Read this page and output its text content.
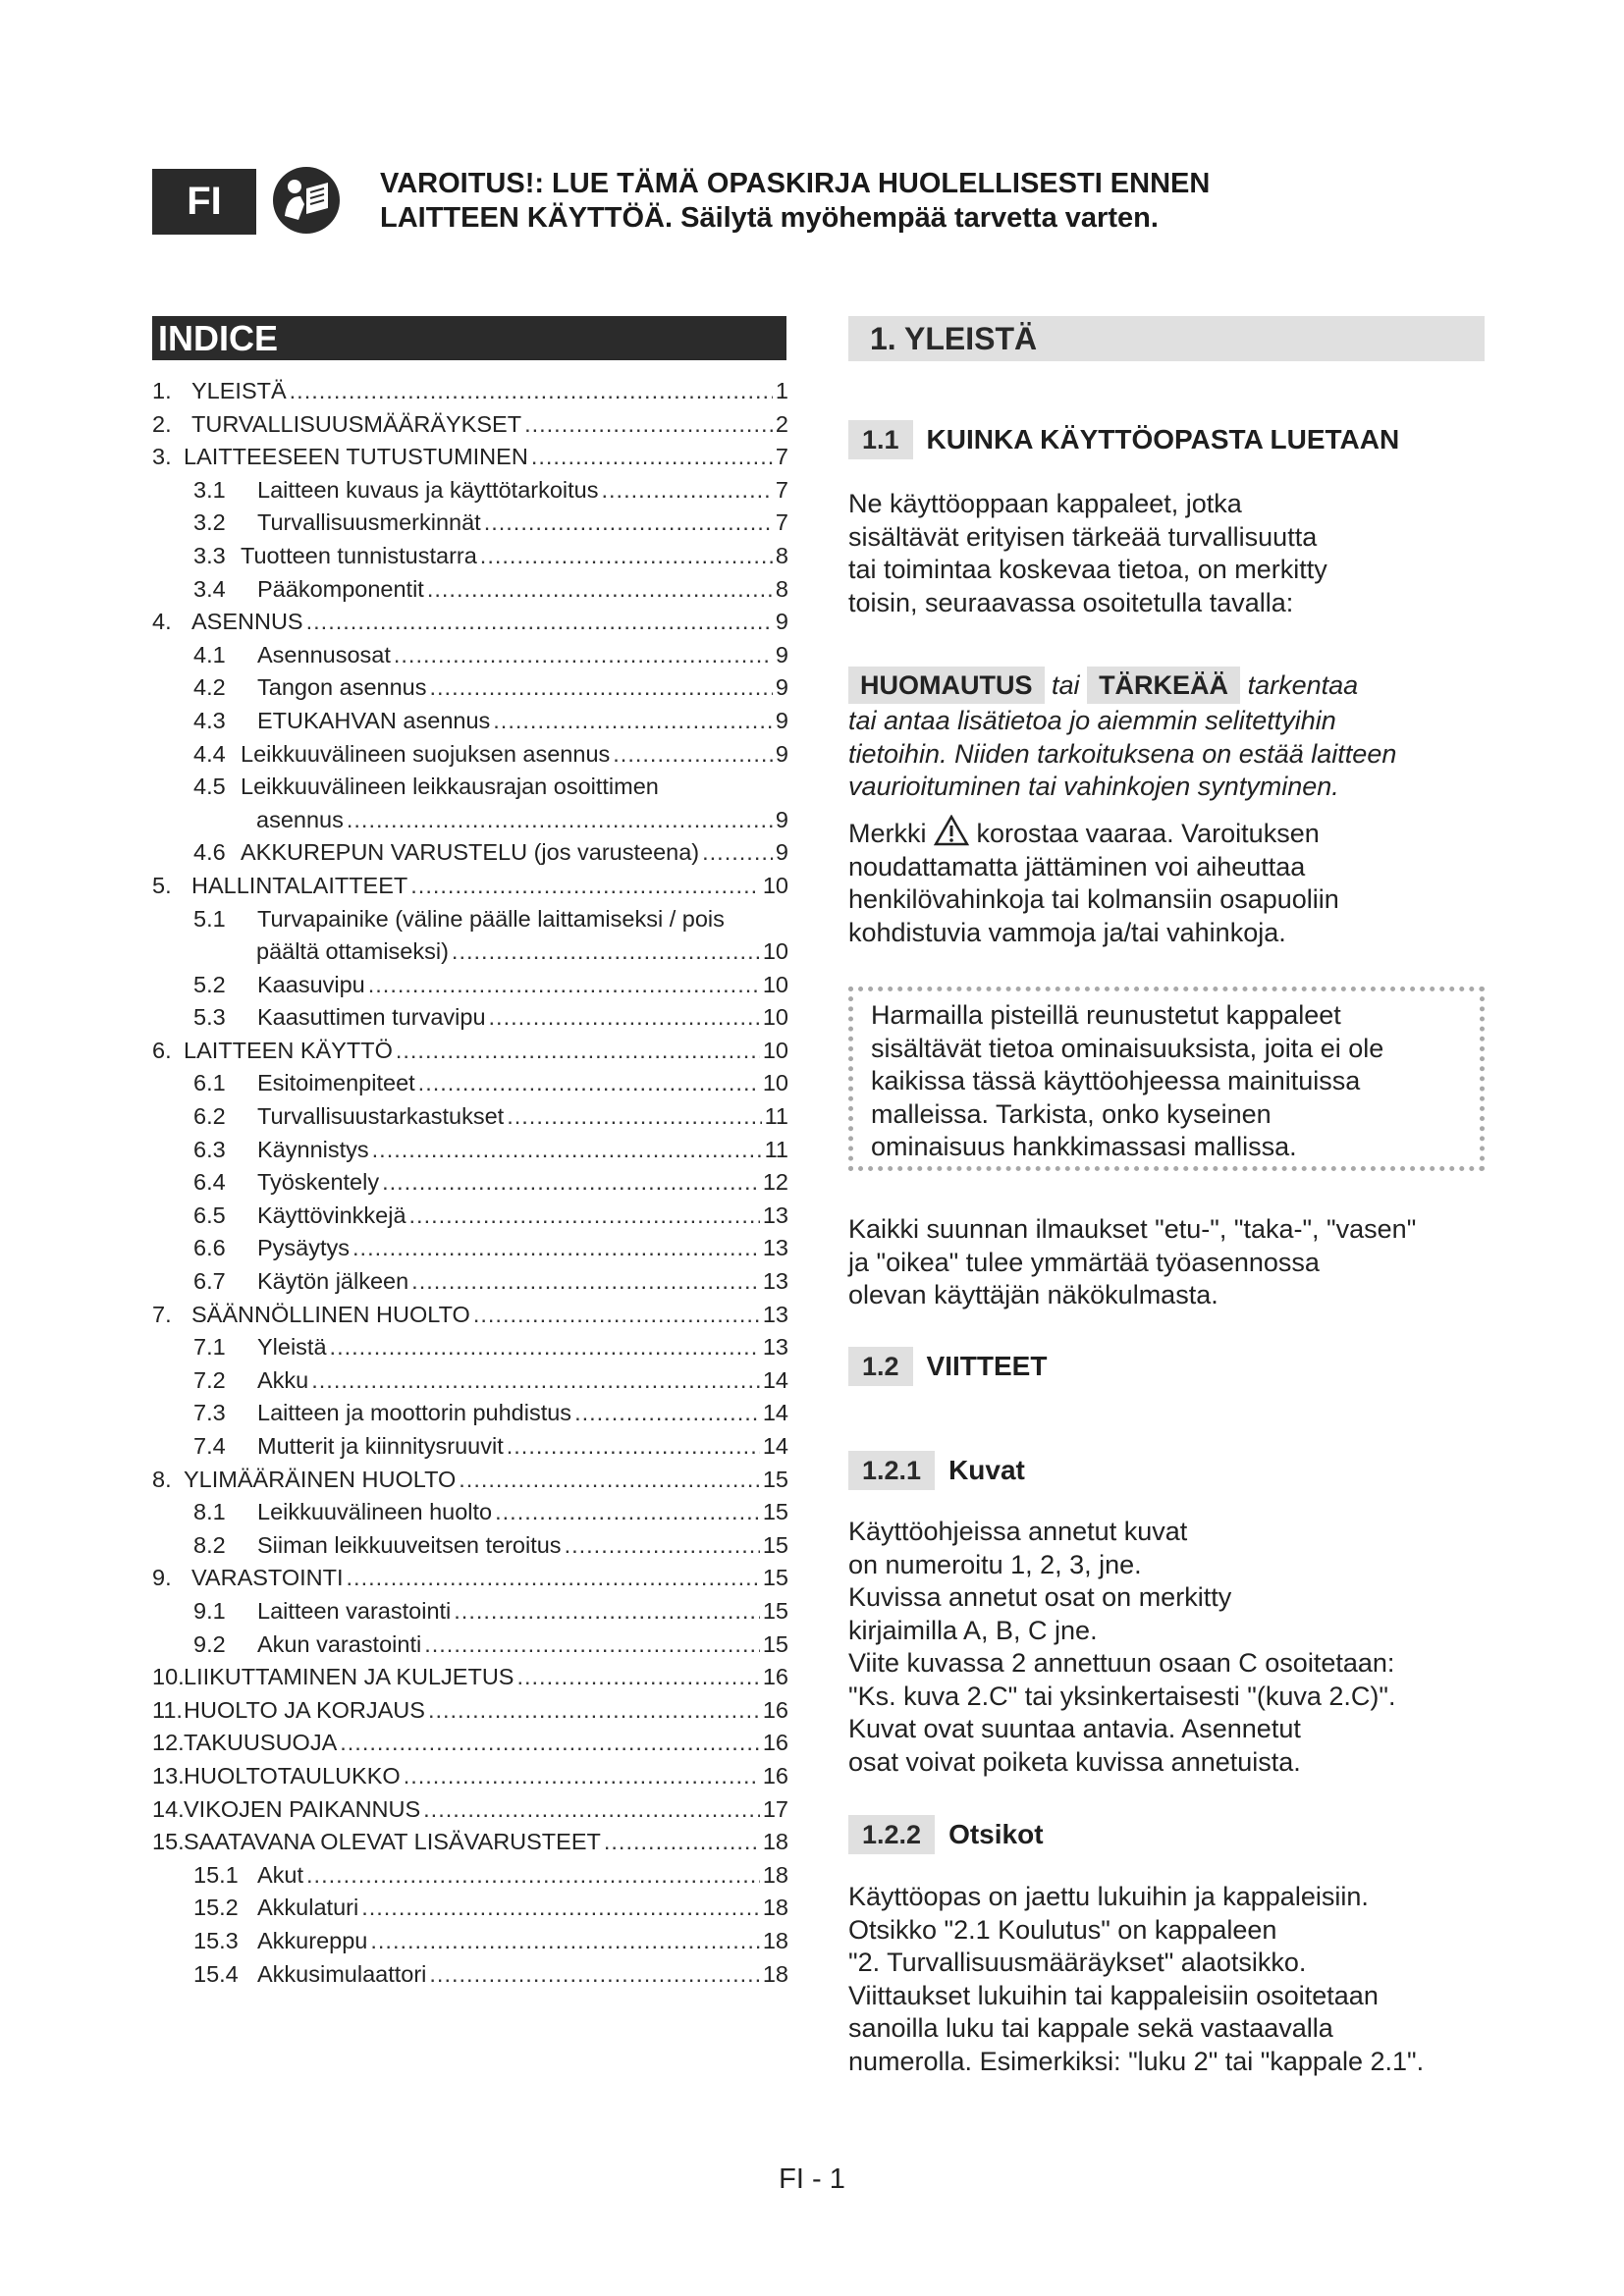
FI	VAROITUS!: LUE TÄMÄ OPASKIRJA HUOLELLISESTI ENNEN
LAITTEEN KÄYTTÖÄ. Säilytä myöhempää tarvetta varten.
INDICE
1. YLEISTÄ .....	1
2. TURVALLISUUSMÄÄRÄYKSET .....	2
3. LAITTEESEEN TUTUSTUMINEN .....	7
3.1	Laitteen kuvaus ja käyttötarkoitus .....	7
3.2	Turvallisuusmerkinnät .....	7
3.3 Tuotteen tunnistustarra .....	8
3.4	Pääkomponentit .....	8
4. ASENNUS .....	9
4.1	Asennusosat .....	9
4.2	Tangon asennus .....	9
4.3	ETUKAHVAN asennus .....	9
4.4 Leikkuuvälineen suojuksen asennus .....	9
4.5 Leikkuuvälineen leikkausrajan osoittimen
asennus .....	9
4.6 AKKUREPUN VARUSTELU (jos varusteena) .....	9
5. HALLINTALAITTEET .....	10
5.1	Turvapainike (väline päälle laittamiseksi / pois
päältä ottamiseksi) .....	10
5.2	Kaasuvipu .....	10
5.3	Kaasuttimen turvavipu .....	10
6. LAITTEEN KÄYTTÖ .....	10
6.1	Esitoimenpiteet .....	10
6.2	Turvallisuustarkastukset .....	11
6.3	Käynnistys .....	11
6.4	Työskentely .....	12
6.5	Käyttövinkkejä .....	13
6.6	Pysäytys .....	13
6.7	Käytön jälkeen .....	13
7. SÄÄNNÖLLINEN HUOLTO .....	13
7.1	Yleistä .....	13
7.2	Akku .....	14
7.3	Laitteen ja moottorin puhdistus .....	14
7.4	Mutterit ja kiinnitysruuvit .....	14
8. YLIMÄÄRÄINEN HUOLTO .....	15
8.1	Leikkuuvälineen huolto .....	15
8.2	Siiman leikkuuveitsen teroitus .....	15
9. VARASTOINTI .....	15
9.1	Laitteen varastointi .....	15
9.2	Akun varastointi .....	15
10. LIIKUTTAMINEN JA KULJETUS .....	16
11. HUOLTO JA KORJAUS .....	16
12. TAKUUSUOJA .....	16
13. HUOLTOTAULUKKO .....	16
14. VIKOJEN PAIKANNUS .....	17
15. SAATAVANA OLEVAT LISÄVARUSTEET .....	18
15.1 Akut .....	18
15.2 Akkulaturi .....	18
15.3 Akkureppu .....	18
15.4 Akkusimulaattori .....	18
1. YLEISTÄ
1.1	KUINKA KÄYTTÖOPASTA LUETAAN
Ne käyttöoppaan kappaleet, jotka
sisältävät erityisen tärkeää turvallisuutta
tai toimintaa koskevaa tietoa, on merkitty
toisin, seuraavassa osoitetulla tavalla:
HUOMAUTUS tai TÄRKEÄÄ tarkentaa
tai antaa lisätietoa jo aiemmin selitettyihin
tietoihin. Niiden tarkoituksena on estää laitteen
vaurioituminen tai vahinkojen syntyminen.
Merkki korostaa vaaraa. Varoituksen
noudattamatta jättäminen voi aiheuttaa
henkilövahinkoja tai kolmansiin osapuoliin
kohdistuvia vammoja ja/tai vahinkoja.
Harmailla pisteillä reunustetut kappaleet
sisältävät tietoa ominaisuuksista, joita ei ole
kaikissa tässä käyttöohjeessa mainituissa
malleissa. Tarkista, onko kyseinen
ominaisuus hankkimassasi mallissa.
Kaikki suunnan ilmaukset "etu-", "taka-", "vasen"
ja "oikea" tulee ymmärtää työasennossa
olevan käyttäjän näkökulmasta.
1.2	VIITTEET
1.2.1	Kuvat
Käyttöohjeissa annetut kuvat
on numeroitu 1, 2, 3, jne.
Kuvissa annetut osat on merkitty
kirjaimilla A, B, C jne.
Viite kuvassa 2 annettuun osaan C osoitetaan:
"Ks. kuva 2.C" tai yksinkertaisesti "(kuva 2.C)".
Kuvat ovat suuntaa antavia. Asennetut
osat voivat poiketa kuvissa annetuista.
1.2.2	Otsikot
Käyttöopas on jaettu lukuihin ja kappaleisiin.
Otsikko "2.1 Koulutus" on kappaleen
"2. Turvallisuusmääräykset" alaotsikko.
Viittaukset lukuihin tai kappaleisiin osoitetaan
sanoilla luku tai kappale sekä vastaavalla
numerolla. Esimerkiksi: "luku 2" tai "kappale 2.1".
FI - 1
